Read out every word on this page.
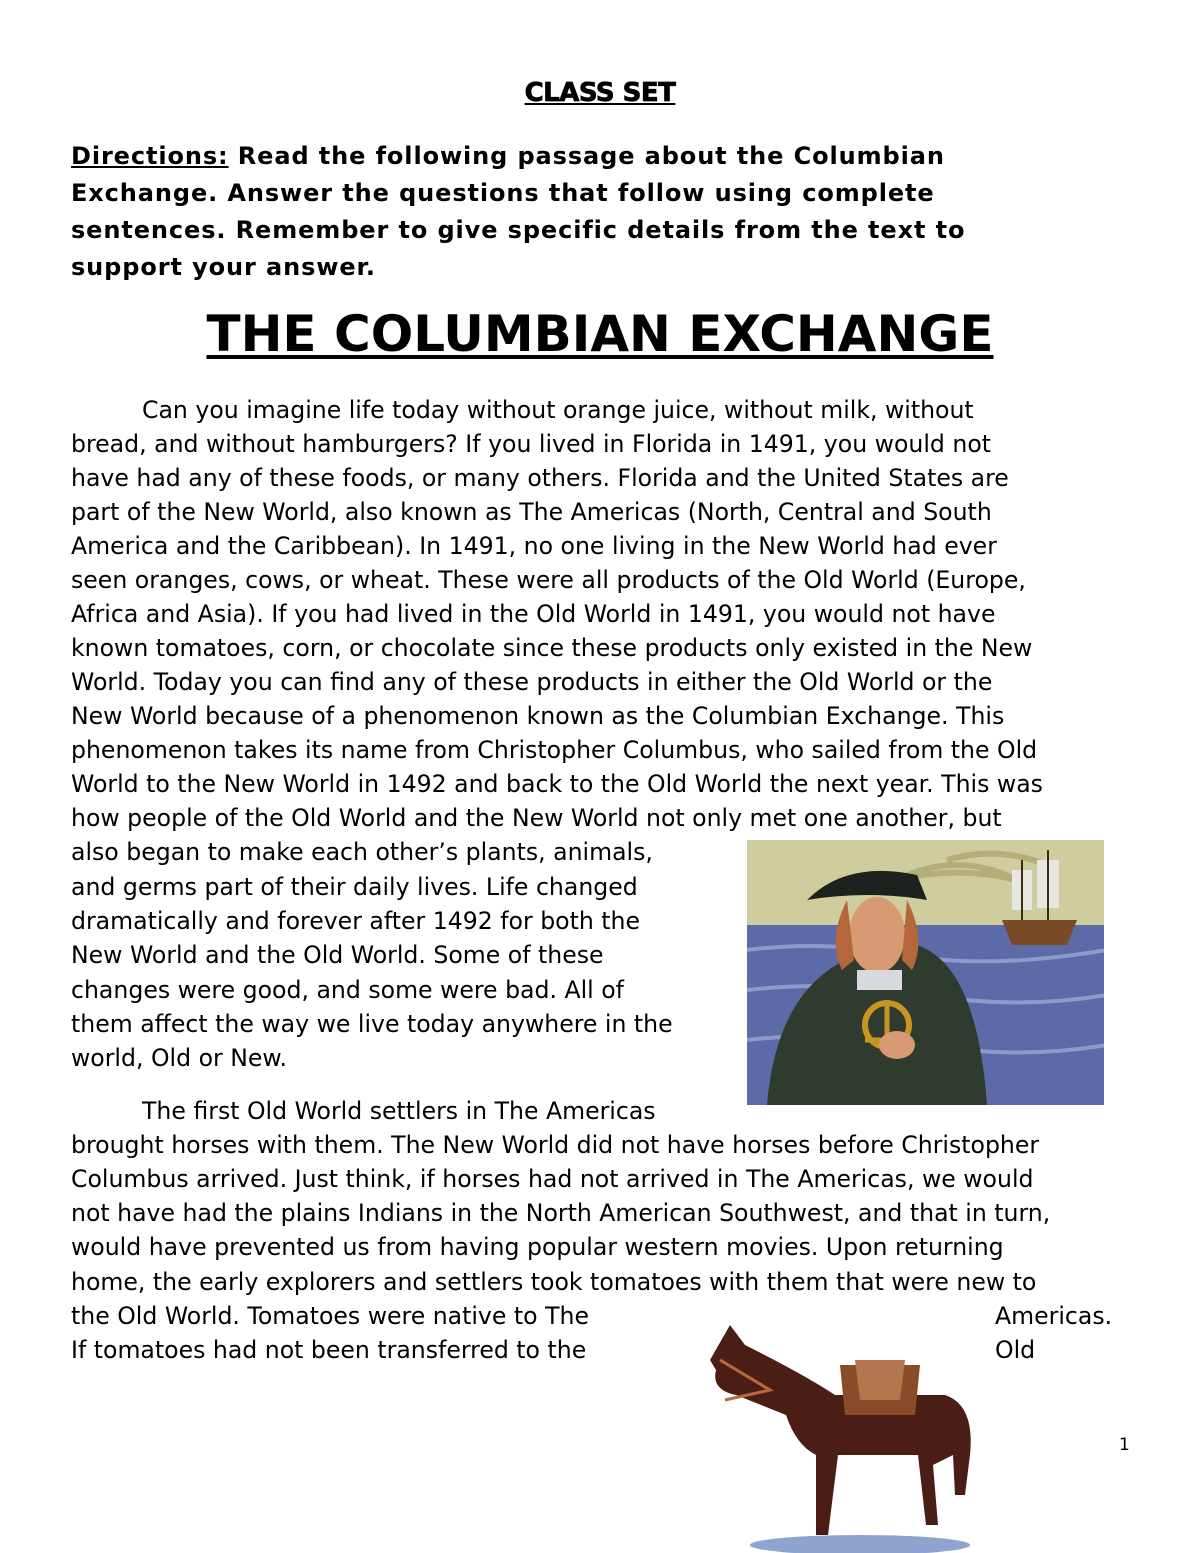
CLASS SET
Directions: Read the following passage about the Columbian
Exchange. Answer the questions that follow using complete
sentences. Remember to give specific details from the text to
support your answer.
THE COLUMBIAN EXCHANGE
Can you imagine life today without orange juice, without milk, without
bread, and without hamburgers? If you lived in Florida in 1491, you would not
have had any of these foods, or many others. Florida and the United States are
part of the New World, also known as The Americas (North, Central and South
America and the Caribbean). In 1491, no one living in the New World had ever
seen oranges, cows, or wheat. These were all products of the Old World (Europe,
Africa and Asia). If you had lived in the Old World in 1491, you would not have
known tomatoes, corn, or chocolate since these products only existed in the New
World. Today you can find any of these products in either the Old World or the
New World because of a phenomenon known as the Columbian Exchange. This
phenomenon takes its name from Christopher Columbus, who sailed from the Old
World to the New World in 1492 and back to the Old World the next year. This was
how people of the Old World and the New World not only met one another, but
also began to make each other’s plants, animals,
and germs part of their daily lives. Life changed
dramatically and forever after 1492 for both the
New World and the Old World. Some of these
changes were good, and some were bad. All of
them affect the way we live today anywhere in the
world, Old or New.
The first Old World settlers in The Americas
brought horses with them. The New World did not have horses before Christopher
Columbus arrived. Just think, if horses had not arrived in The Americas, we would
not have had the plains Indians in the North American Southwest, and that in turn,
would have prevented us from having popular western movies. Upon returning
home, the early explorers and settlers took tomatoes with them that were new to
the Old World. Tomatoes were native to The
If tomatoes had not been transferred to the
Americas.
Old
1
